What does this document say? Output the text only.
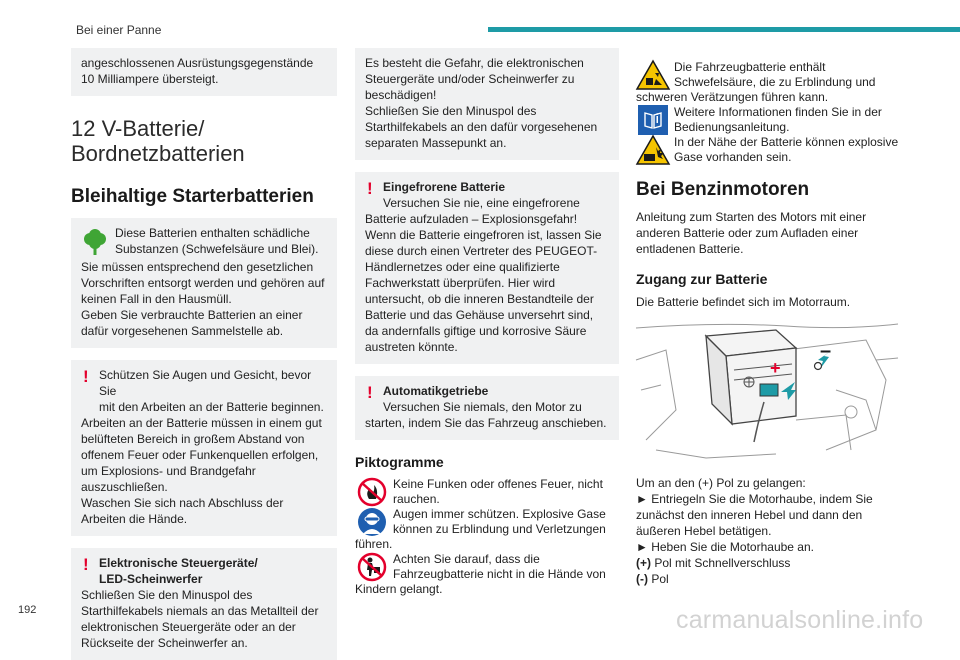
Bei einer Panne

angeschlossenen Ausrüstungsgegenstände 10 Milliampere übersteigt.

12 V-Batterie/
Bordnetzbatterien
Bleihaltige Starterbatterien

Diese Batterien enthalten schädliche

Substanzen (Schwefelsäure und Blei).

Sie müssen entsprechend den gesetzlichen Vorschriften entsorgt werden und gehören auf keinen Fall in den Hausmüll.

Geben Sie verbrauchte Batterien an einer dafür vorgesehenen Sammelstelle ab.

! Schützen Sie Augen und Gesicht, bevor Sie

mit den Arbeiten an der Batterie beginnen.

Arbeiten an der Batterie müssen in einem gut belüfteten Bereich in großem Abstand von offenem Feuer oder Funkenquellen erfolgen, um Explosions- und Brandgefahr auszuschließen.

Waschen Sie sich nach Abschluss der Arbeiten die Hände.

! Elektronische Steuergeräte/

LED-Scheinwerfer

Schließen Sie den Minuspol des Starthilfekabels niemals an das Metallteil der elektronischen Steuergeräte oder an der Rückseite der Scheinwerfer an.

Es besteht die Gefahr, die elektronischen Steuergeräte und/oder Scheinwerfer zu beschädigen!

Schließen Sie den Minuspol des Starthilfekabels an den dafür vorgesehenen separaten Massepunkt an.

! Eingefrorene Batterie

Versuchen Sie nie, eine eingefrorene

Batterie aufzuladen – Explosionsgefahr!

Wenn die Batterie eingefroren ist, lassen Sie diese durch einen Vertreter des PEUGEOT-Händlernetzes oder eine qualifizierte Fachwerkstatt überprüfen. Hier wird untersucht, ob die inneren Bestandteile der Batterie und das Gehäuse unversehrt sind, da andernfalls giftige und korrosive Säure austreten könnte.

! Automatikgetriebe

Versuchen Sie niemals, den Motor zu

starten, indem Sie das Fahrzeug anschieben.

Piktogramme
Keine Funken oder offenes Feuer, nicht rauchen.
Augen immer schützen. Explosive Gase können zu Erblindung und Verletzungen führen.
Achten Sie darauf, dass die Fahrzeugbatterie nicht in die Hände von Kindern gelangt.
Die Fahrzeugbatterie enthält Schwefelsäure, die zu Erblindung und schweren Verätzungen führen kann.
Weitere Informationen finden Sie in der Bedienungsanleitung.
In der Nähe der Batterie können explosive Gase vorhanden sein.
Bei Benzinmotoren

Anleitung zum Starten des Motors mit einer anderen Batterie oder zum Aufladen einer entladenen Batterie.

Zugang zur Batterie

Die Batterie befindet sich im Motorraum.

+
–

Um an den (+) Pol zu gelangen:

► Entriegeln Sie die Motorhaube, indem Sie zunächst den inneren Hebel und dann den äußeren Hebel betätigen.

► Heben Sie die Motorhaube an.

(+) Pol mit Schnellverschluss

(-) Pol

192	carmanualsonline.info
